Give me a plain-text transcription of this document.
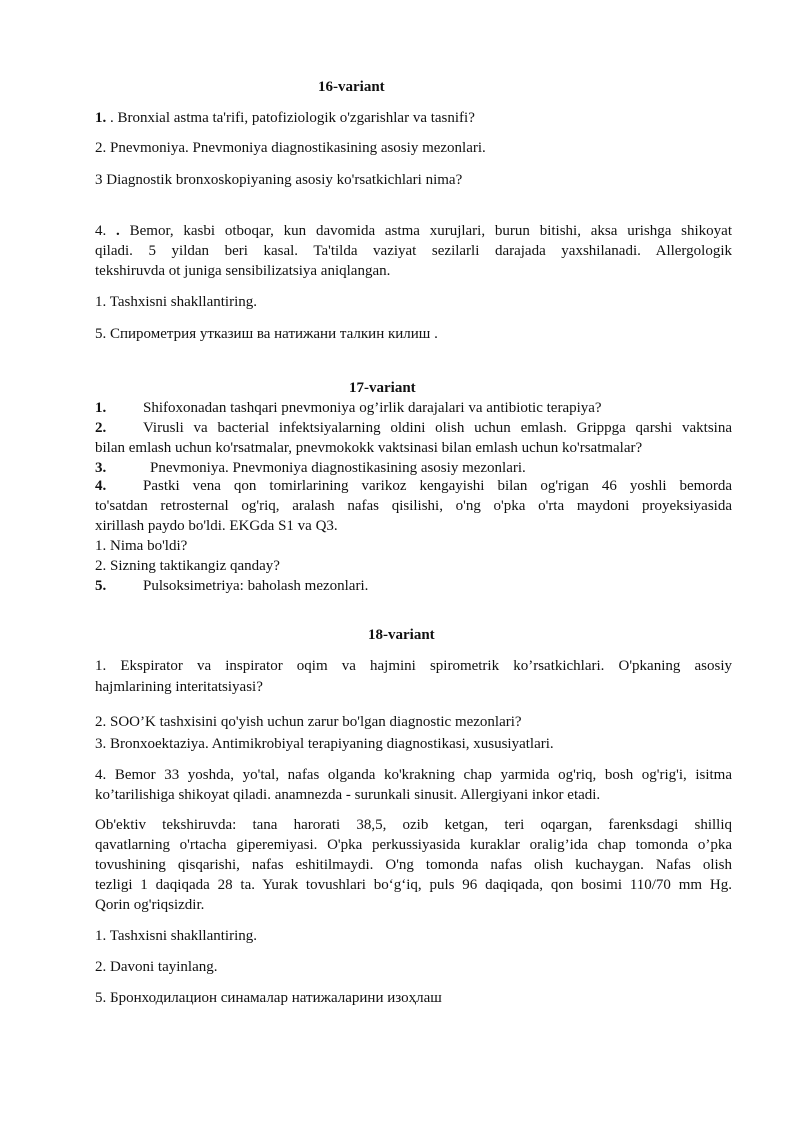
16-variant
1. . Bronxial astma ta'rifi, patofiziologik o'zgarishlar va tasnifi?
2. Pnevmoniya. Pnevmoniya diagnostikasining asosiy mezonlari.
3 Diagnostik bronxoskopiyaning asosiy ko'rsatkichlari nima?
4. . Bemor, kasbi otboqar, kun davomida astma xurujlari, burun bitishi, aksa urishga shikoyat
qiladi. 5 yildan beri kasal. Ta'tilda vaziyat sezilarli darajada yaxshilanadi. Allergologik
tekshiruvda ot juniga sensibilizatsiya aniqlangan.
1. Tashxisni shakllantiring.
5. Спирометрия утказиш ва натижани талкин килиш .
17-variant
1. Shifoxonadan tashqari pnevmoniya og’irlik darajalari va antibiotic terapiya?
2. Virusli va bacterial infektsiyalarning oldini olish uchun emlash. Grippga qarshi vaktsina
bilan emlash uchun ko'rsatmalar, pnevmokokk vaktsinasi bilan emlash uchun ko'rsatmalar?
3.	Pnevmoniya. Pnevmoniya diagnostikasining asosiy mezonlari.
4. Pastki vena qon tomirlarining varikoz kengayishi bilan og'rigan 46 yoshli bemorda
to'satdan retrosternal og'riq, aralash nafas qisilishi, o'ng o'pka o'rta maydoni proyeksiyasida
xirillash paydo bo'ldi. EKGda S1 va Q3.
1. Nima bo'ldi?
2. Sizning taktikangiz qanday?
5. Pulsoksimetriya: baholash mezonlari.
18-variant
1. Ekspirator va inspirator oqim va hajmini spirometrik ko’rsatkichlari. O'pkaning asosiy
hajmlarining interitatsiyasi?
2. SOO’K tashxisini qo'yish uchun zarur bo'lgan diagnostic mezonlari?
3. Bronxoektaziya. Antimikrobiyal terapiyaning diagnostikasi, xususiyatlari.
4. Bemor 33 yoshda, yo'tal, nafas olganda ko'krakning chap yarmida og'riq, bosh og'rig'i, isitma
ko’tarilishiga shikoyat qiladi. anamnezda - surunkali sinusit. Allergiyani inkor etadi.
Ob'ektiv tekshiruvda: tana harorati 38,5, ozib ketgan, teri oqargan, farenksdagi shilliq
qavatlarning o'rtacha giperemiyasi. O'pka perkussiyasida kuraklar oralig’ida chap tomonda o’pka
tovushining qisqarishi, nafas eshitilmaydi. O'ng tomonda nafas olish kuchaygan. Nafas olish
tezligi 1 daqiqada 28 ta. Yurak tovushlari bo‘g‘iq, puls 96 daqiqada, qon bosimi 110/70 mm Hg.
Qorin og'riqsizdir.
1. Tashxisni shakllantiring.
2. Davoni tayinlang.
5. Бронходилацион синамалар натижаларини изоҳлаш
